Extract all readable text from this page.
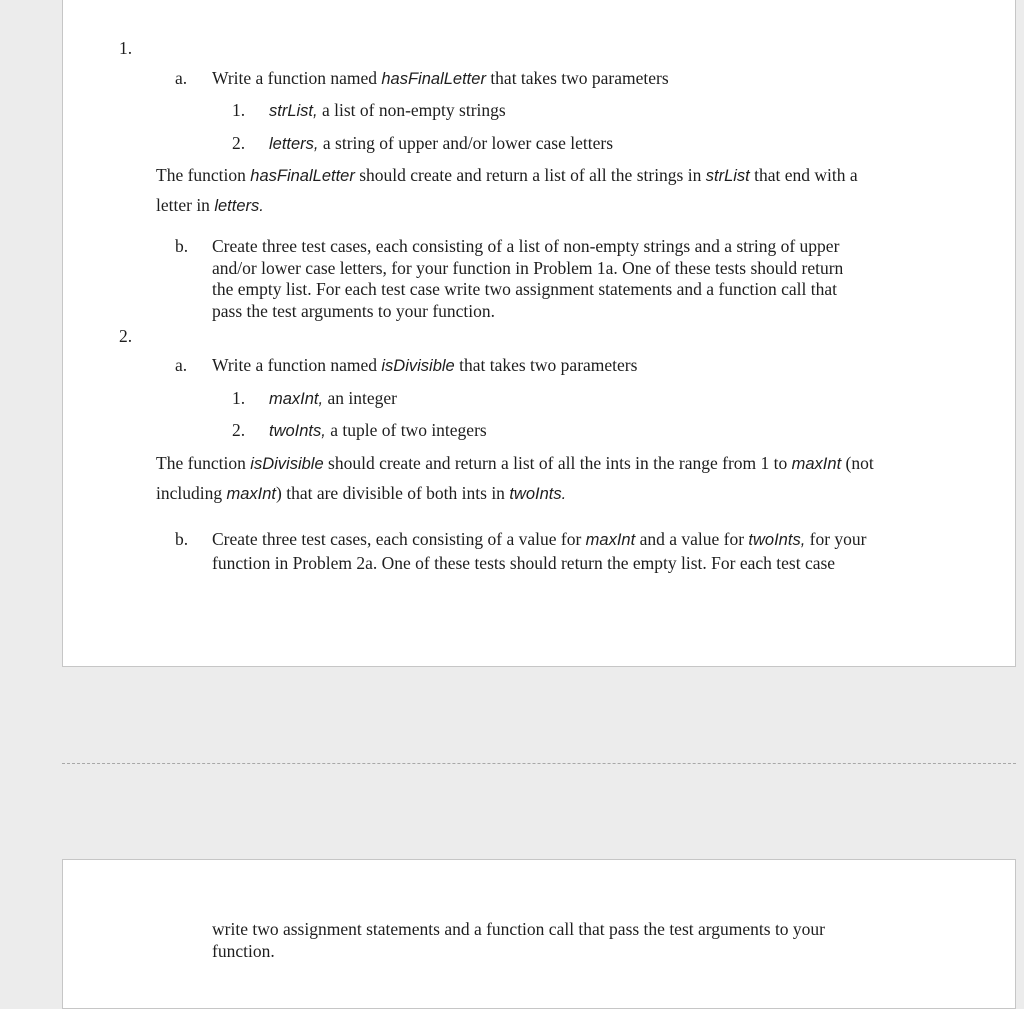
1.
a. Write a function named hasFinalLetter that takes two parameters
1. strList, a list of non-empty strings
2. letters, a string of upper and/or lower case letters
The function hasFinalLetter should create and return a list of all the strings in strList that end with a
letter in letters.
b. Create three test cases, each consisting of a list of non-empty strings and a string of upper
and/or lower case letters, for your function in Problem 1a. One of these tests should return
the empty list. For each test case write two assignment statements and a function call that
pass the test arguments to your function.
2.
a. Write a function named isDivisible that takes two parameters
1. maxInt, an integer
2. twoInts, a tuple of two integers
The function isDivisible should create and return a list of all the ints in the range from 1 to maxInt (not
including maxInt) that are divisible of both ints in twoInts.
b. Create three test cases, each consisting of a value for maxInt and a value for twoInts, for your
function in Problem 2a. One of these tests should return the empty list. For each test case
write two assignment statements and a function call that pass the test arguments to your
function.
